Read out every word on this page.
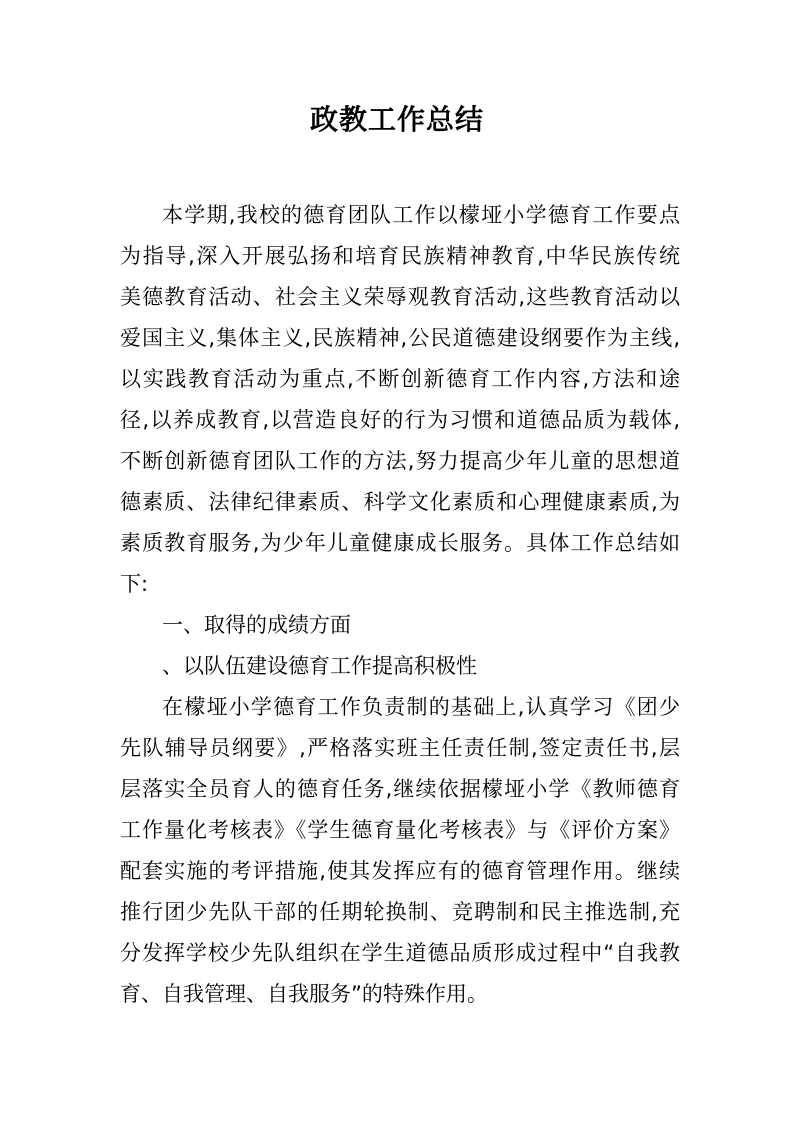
政教工作总结
本学期,我校的德育团队工作以檬垭小学德育工作要点
为指导,深入开展弘扬和培育民族精神教育,中华民族传统
美德教育活动、社会主义荣辱观教育活动,这些教育活动以
爱国主义,集体主义,民族精神,公民道德建设纲要作为主线,
以实践教育活动为重点,不断创新德育工作内容,方法和途
径,以养成教育,以营造良好的行为习惯和道德品质为载体,
不断创新德育团队工作的方法,努力提高少年儿童的思想道
德素质、法律纪律素质、科学文化素质和心理健康素质,为
素质教育服务,为少年儿童健康成长服务。具体工作总结如
下:
一、取得的成绩方面
、以队伍建设德育工作提高积极性
在檬垭小学德育工作负责制的基础上,认真学习《团少
先队辅导员纲要》,严格落实班主任责任制,签定责任书,层
层落实全员育人的德育任务,继续依据檬垭小学《教师德育
工作量化考核表》《学生德育量化考核表》与《评价方案》
配套实施的考评措施,使其发挥应有的德育管理作用。继续
推行团少先队干部的任期轮换制、竞聘制和民主推选制,充
分发挥学校少先队组织在学生道德品质形成过程中“自我教
育、自我管理、自我服务”的特殊作用。
